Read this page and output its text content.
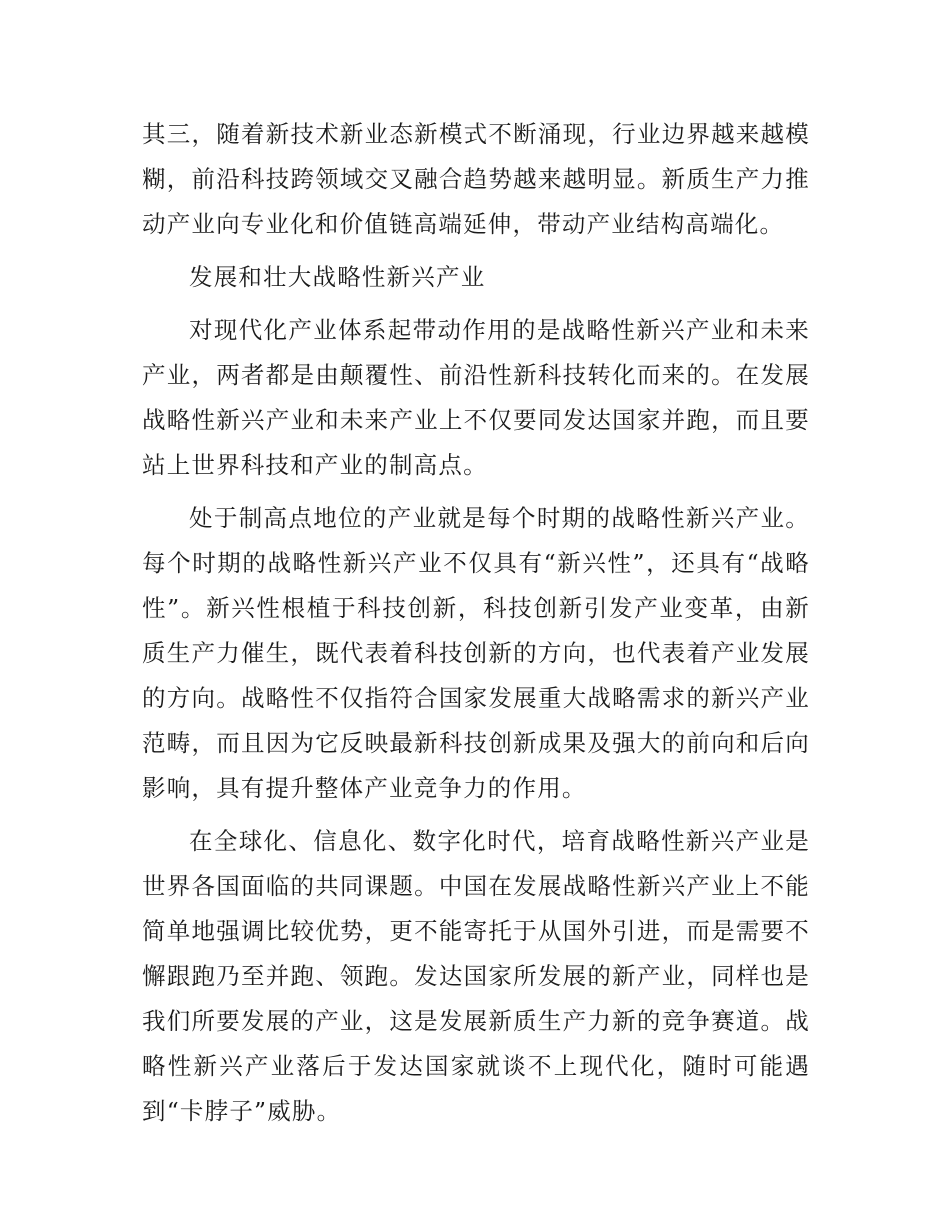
其三，随着新技术新业态新模式不断涌现，行业边界越来越模糊，前沿科技跨领域交叉融合趋势越来越明显。新质生产力推动产业向专业化和价值链高端延伸，带动产业结构高端化。

发展和壮大战略性新兴产业

对现代化产业体系起带动作用的是战略性新兴产业和未来产业，两者都是由颠覆性、前沿性新科技转化而来的。在发展战略性新兴产业和未来产业上不仅要同发达国家并跑，而且要站上世界科技和产业的制高点。

处于制高点地位的产业就是每个时期的战略性新兴产业。每个时期的战略性新兴产业不仅具有“新兴性”，还具有“战略性”。新兴性根植于科技创新，科技创新引发产业变革，由新质生产力催生，既代表着科技创新的方向，也代表着产业发展的方向。战略性不仅指符合国家发展重大战略需求的新兴产业范畴，而且因为它反映最新科技创新成果及强大的前向和后向影响，具有提升整体产业竞争力的作用。

在全球化、信息化、数字化时代，培育战略性新兴产业是世界各国面临的共同课题。中国在发展战略性新兴产业上不能简单地强调比较优势，更不能寄托于从国外引进，而是需要不懈跟跑乃至并跑、领跑。发达国家所发展的新产业，同样也是我们所要发展的产业，这是发展新质生产力新的竞争赛道。战略性新兴产业落后于发达国家就谈不上现代化，随时可能遇到“卡脖子”威胁。
